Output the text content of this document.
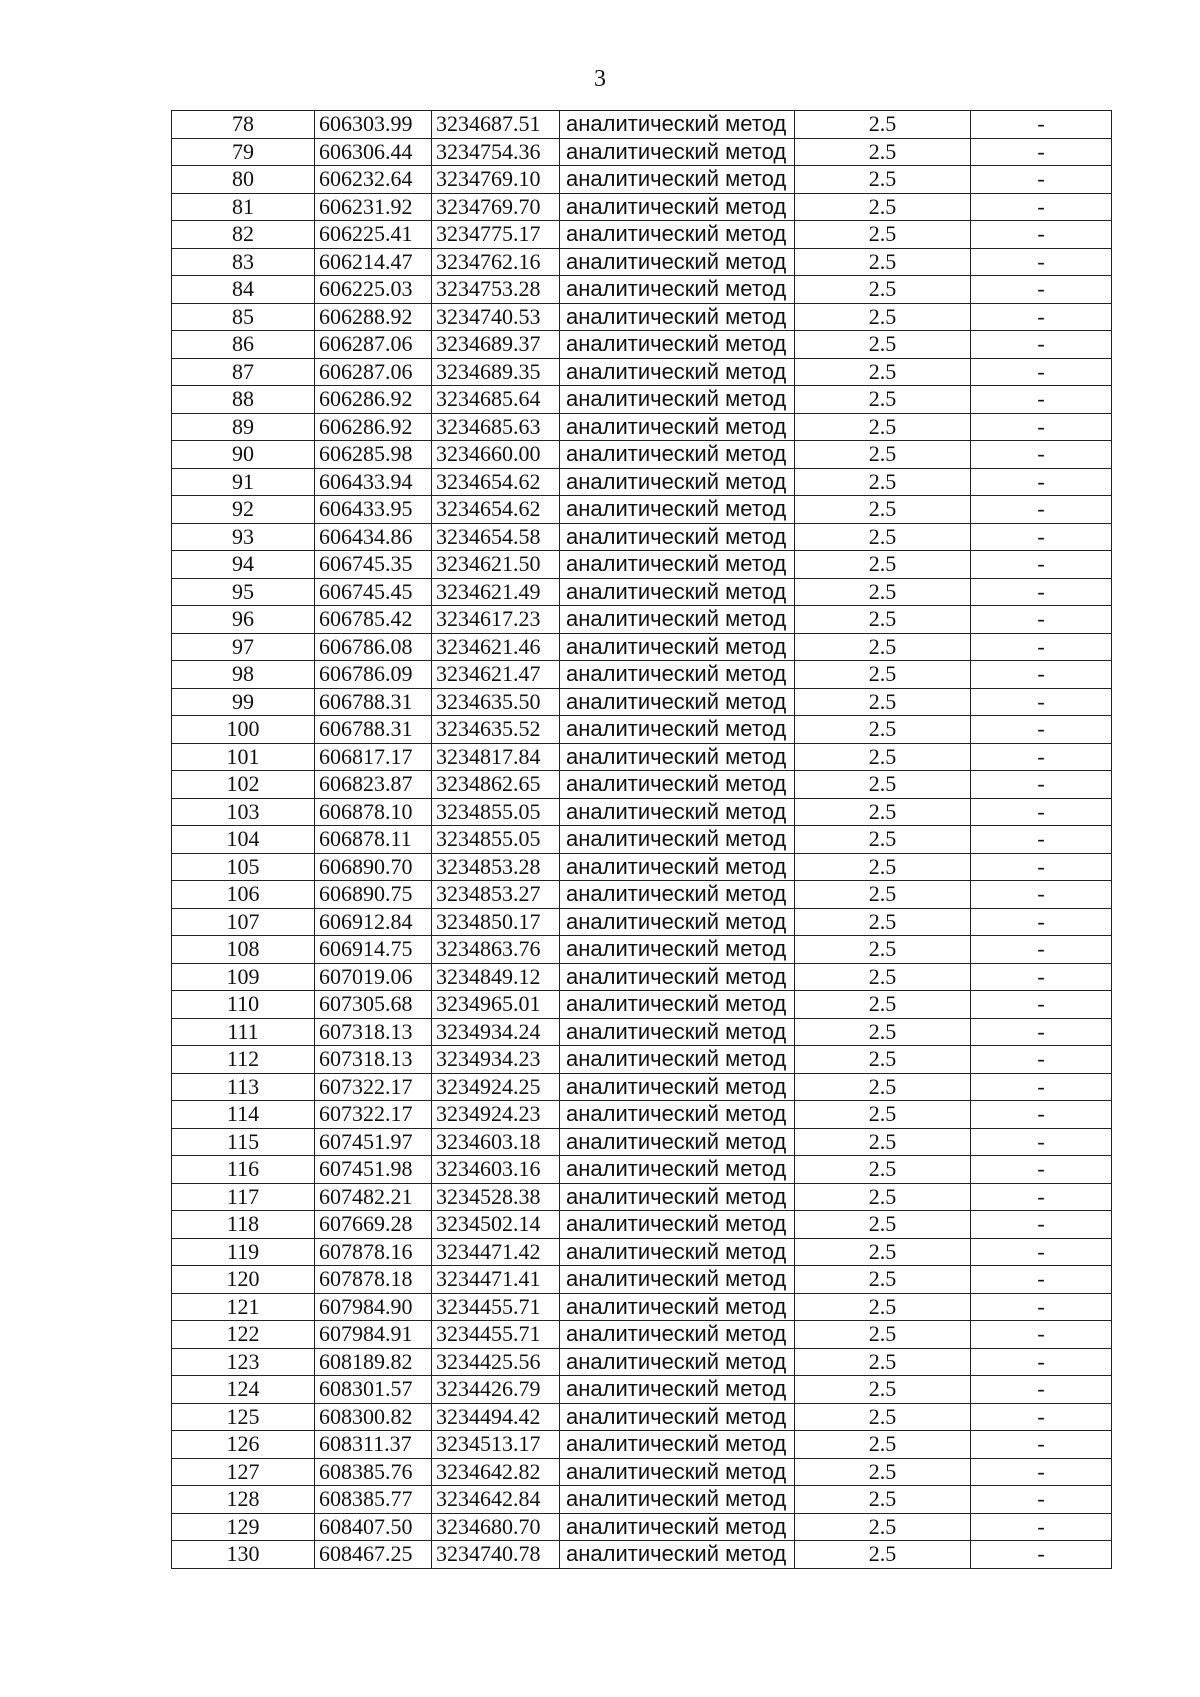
3
78	606303.99	3234687.51	аналитический метод	2.5	-
79	606306.44	3234754.36	аналитический метод	2.5	-
80	606232.64	3234769.10	аналитический метод	2.5	-
81	606231.92	3234769.70	аналитический метод	2.5	-
82	606225.41	3234775.17	аналитический метод	2.5	-
83	606214.47	3234762.16	аналитический метод	2.5	-
84	606225.03	3234753.28	аналитический метод	2.5	-
85	606288.92	3234740.53	аналитический метод	2.5	-
86	606287.06	3234689.37	аналитический метод	2.5	-
87	606287.06	3234689.35	аналитический метод	2.5	-
88	606286.92	3234685.64	аналитический метод	2.5	-
89	606286.92	3234685.63	аналитический метод	2.5	-
90	606285.98	3234660.00	аналитический метод	2.5	-
91	606433.94	3234654.62	аналитический метод	2.5	-
92	606433.95	3234654.62	аналитический метод	2.5	-
93	606434.86	3234654.58	аналитический метод	2.5	-
94	606745.35	3234621.50	аналитический метод	2.5	-
95	606745.45	3234621.49	аналитический метод	2.5	-
96	606785.42	3234617.23	аналитический метод	2.5	-
97	606786.08	3234621.46	аналитический метод	2.5	-
98	606786.09	3234621.47	аналитический метод	2.5	-
99	606788.31	3234635.50	аналитический метод	2.5	-
100	606788.31	3234635.52	аналитический метод	2.5	-
101	606817.17	3234817.84	аналитический метод	2.5	-
102	606823.87	3234862.65	аналитический метод	2.5	-
103	606878.10	3234855.05	аналитический метод	2.5	-
104	606878.11	3234855.05	аналитический метод	2.5	-
105	606890.70	3234853.28	аналитический метод	2.5	-
106	606890.75	3234853.27	аналитический метод	2.5	-
107	606912.84	3234850.17	аналитический метод	2.5	-
108	606914.75	3234863.76	аналитический метод	2.5	-
109	607019.06	3234849.12	аналитический метод	2.5	-
110	607305.68	3234965.01	аналитический метод	2.5	-
111	607318.13	3234934.24	аналитический метод	2.5	-
112	607318.13	3234934.23	аналитический метод	2.5	-
113	607322.17	3234924.25	аналитический метод	2.5	-
114	607322.17	3234924.23	аналитический метод	2.5	-
115	607451.97	3234603.18	аналитический метод	2.5	-
116	607451.98	3234603.16	аналитический метод	2.5	-
117	607482.21	3234528.38	аналитический метод	2.5	-
118	607669.28	3234502.14	аналитический метод	2.5	-
119	607878.16	3234471.42	аналитический метод	2.5	-
120	607878.18	3234471.41	аналитический метод	2.5	-
121	607984.90	3234455.71	аналитический метод	2.5	-
122	607984.91	3234455.71	аналитический метод	2.5	-
123	608189.82	3234425.56	аналитический метод	2.5	-
124	608301.57	3234426.79	аналитический метод	2.5	-
125	608300.82	3234494.42	аналитический метод	2.5	-
126	608311.37	3234513.17	аналитический метод	2.5	-
127	608385.76	3234642.82	аналитический метод	2.5	-
128	608385.77	3234642.84	аналитический метод	2.5	-
129	608407.50	3234680.70	аналитический метод	2.5	-
130	608467.25	3234740.78	аналитический метод	2.5	-
